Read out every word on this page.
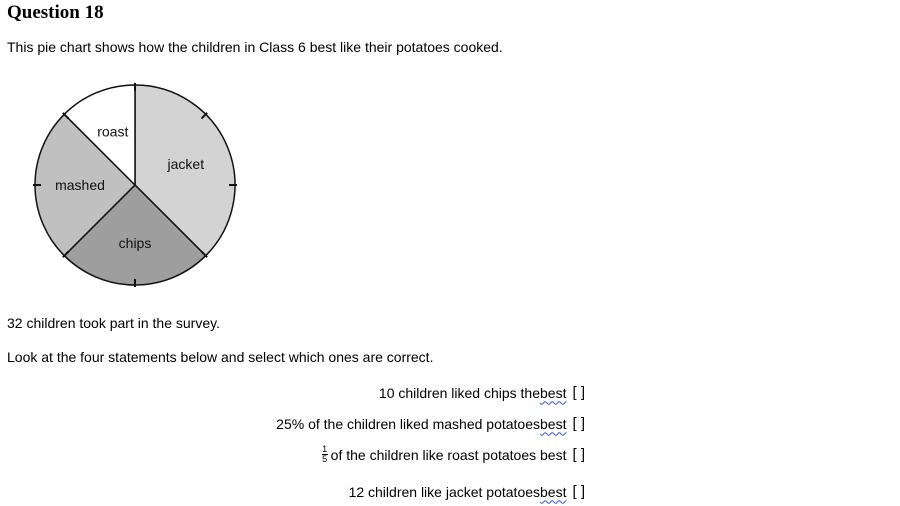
Question 18
This pie chart shows how the children in Class 6 best like their potatoes cooked.
jacket
chips
mashed
roast
32 children took part in the survey.
Look at the four statements below and select which ones are correct.
10 children liked chips the best [ ]
25% of the children liked mashed potatoes best [ ]
$\frac{1}{5}$ of the children like roast potatoes best [ ]
12 children like jacket potatoes best [ ]
